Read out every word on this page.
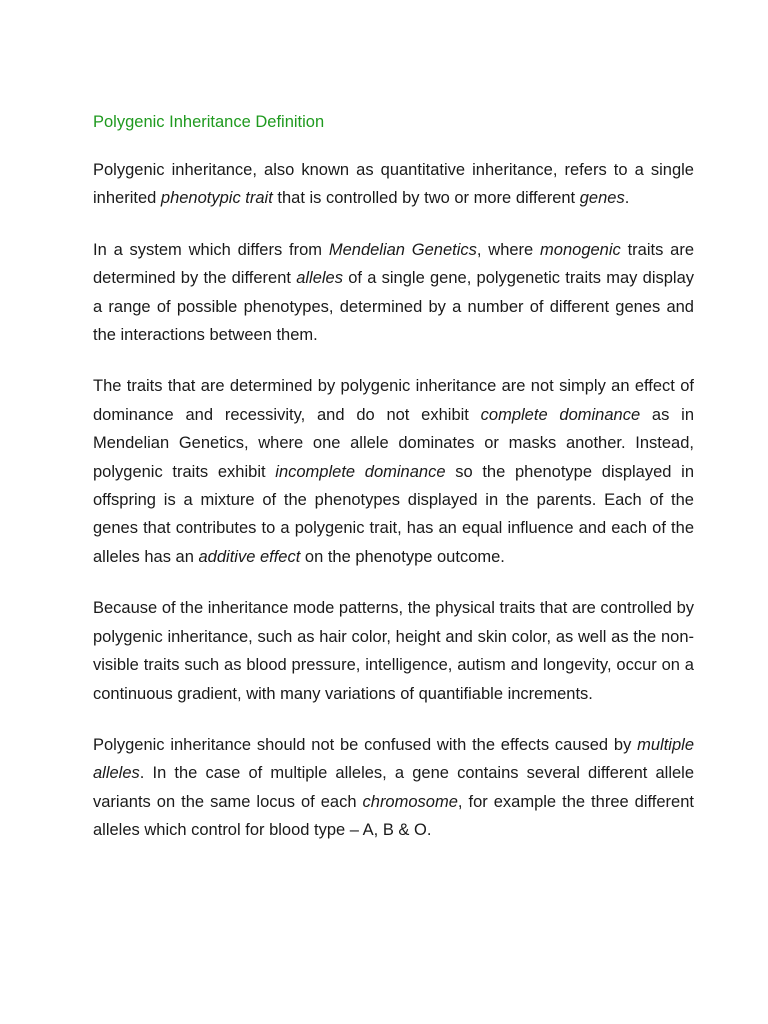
Polygenic Inheritance Definition

Polygenic inheritance, also known as quantitative inheritance, refers to a single inherited phenotypic trait that is controlled by two or more different genes.

In a system which differs from Mendelian Genetics, where monogenic traits are determined by the different alleles of a single gene, polygenetic traits may display a range of possible phenotypes, determined by a number of different genes and the interactions between them.

The traits that are determined by polygenic inheritance are not simply an effect of dominance and recessivity, and do not exhibit complete dominance as in Mendelian Genetics, where one allele dominates or masks another. Instead, polygenic traits exhibit incomplete dominance so the phenotype displayed in offspring is a mixture of the phenotypes displayed in the parents. Each of the genes that contributes to a polygenic trait, has an equal influence and each of the alleles has an additive effect on the phenotype outcome.

Because of the inheritance mode patterns, the physical traits that are controlled by polygenic inheritance, such as hair color, height and skin color, as well as the non-visible traits such as blood pressure, intelligence, autism and longevity, occur on a continuous gradient, with many variations of quantifiable increments.

Polygenic inheritance should not be confused with the effects caused by multiple alleles. In the case of multiple alleles, a gene contains several different allele variants on the same locus of each chromosome, for example the three different alleles which control for blood type – A, B & O.
